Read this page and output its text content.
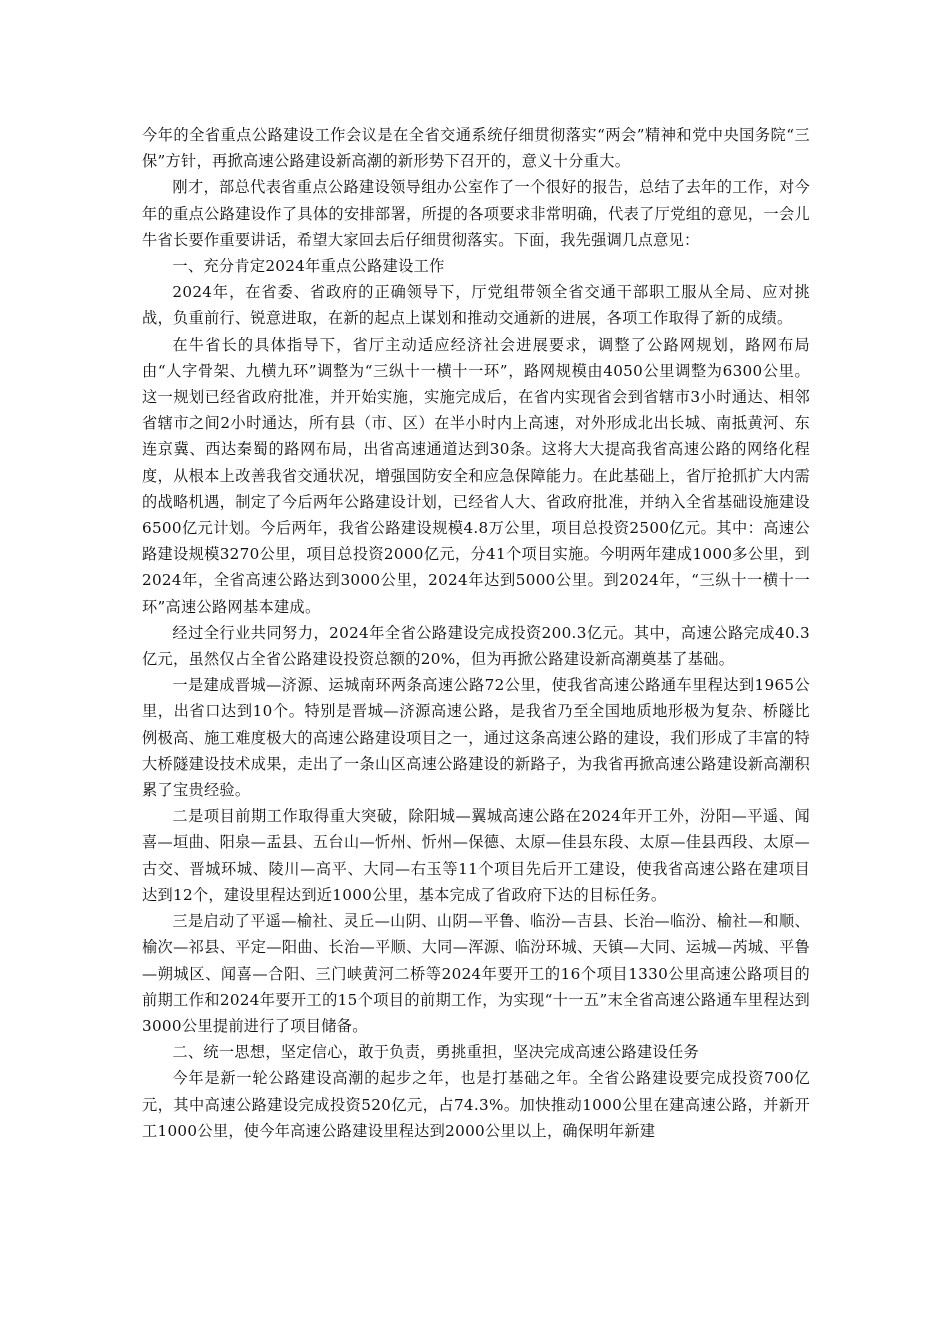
今年的全省重点公路建设工作会议是在全省交通系统仔细贯彻落实“两会”精神和党中央国务院“三保”方针，再掀高速公路建设新高潮的新形势下召开的，意义十分重大。

刚才，部总代表省重点公路建设领导组办公室作了一个很好的报告，总结了去年的工作，对今年的重点公路建设作了具体的安排部署，所提的各项要求非常明确，代表了厅党组的意见，一会儿牛省长要作重要讲话，希望大家回去后仔细贯彻落实。下面，我先强调几点意见：

一、充分肯定2024年重点公路建设工作

2024年，在省委、省政府的正确领导下，厅党组带领全省交通干部职工服从全局、应对挑战，负重前行、锐意进取，在新的起点上谋划和推动交通新的进展，各项工作取得了新的成绩。

在牛省长的具体指导下，省厅主动适应经济社会进展要求，调整了公路网规划，路网布局由“人字骨架、九横九环”调整为“三纵十一横十一环”，路网规模由4050公里调整为6300公里。这一规划已经省政府批准，并开始实施，实施完成后，在省内实现省会到省辖市3小时通达、相邻省辖市之间2小时通达，所有县（市、区）在半小时内上高速，对外形成北出长城、南抵黄河、东连京冀、西达秦蜀的路网布局，出省高速通道达到30条。这将大大提高我省高速公路的网络化程度，从根本上改善我省交通状况，增强国防安全和应急保障能力。在此基础上，省厅抢抓扩大内需的战略机遇，制定了今后两年公路建设计划，已经省人大、省政府批准，并纳入全省基础设施建设6500亿元计划。今后两年，我省公路建设规模4.8万公里，项目总投资2500亿元。其中：高速公路建设规模3270公里，项目总投资2000亿元，分41个项目实施。今明两年建成1000多公里，到2024年，全省高速公路达到3000公里，2024年达到5000公里。到2024年，“三纵十一横十一环”高速公路网基本建成。

经过全行业共同努力，2024年全省公路建设完成投资200.3亿元。其中，高速公路完成40.3亿元，虽然仅占全省公路建设投资总额的20%，但为再掀公路建设新高潮奠基了基础。

一是建成晋城—济源、运城南环两条高速公路72公里，使我省高速公路通车里程达到1965公里，出省口达到10个。特别是晋城—济源高速公路，是我省乃至全国地质地形极为复杂、桥隧比例极高、施工难度极大的高速公路建设项目之一，通过这条高速公路的建设，我们形成了丰富的特大桥隧建设技术成果，走出了一条山区高速公路建设的新路子，为我省再掀高速公路建设新高潮积累了宝贵经验。

二是项目前期工作取得重大突破，除阳城—翼城高速公路在2024年开工外，汾阳—平遥、闻喜—垣曲、阳泉—盂县、五台山—忻州、忻州—保德、太原—佳县东段、太原—佳县西段、太原—古交、晋城环城、陵川—高平、大同—右玉等11个项目先后开工建设，使我省高速公路在建项目达到12个，建设里程达到近1000公里，基本完成了省政府下达的目标任务。

三是启动了平遥—榆社、灵丘—山阴、山阴—平鲁、临汾—吉县、长治—临汾、榆社—和顺、榆次—祁县、平定—阳曲、长治—平顺、大同—浑源、临汾环城、天镇—大同、运城—芮城、平鲁—朔城区、闻喜—合阳、三门峡黄河二桥等2024年要开工的16个项目1330公里高速公路项目的前期工作和2024年要开工的15个项目的前期工作，为实现“十一五”末全省高速公路通车里程达到3000公里提前进行了项目储备。

二、统一思想，坚定信心，敢于负责，勇挑重担，坚决完成高速公路建设任务

今年是新一轮公路建设高潮的起步之年，也是打基础之年。全省公路建设要完成投资700亿元，其中高速公路建设完成投资520亿元，占74.3%。加快推动1000公里在建高速公路，并新开工1000公里，使今年高速公路建设里程达到2000公里以上，确保明年新建
